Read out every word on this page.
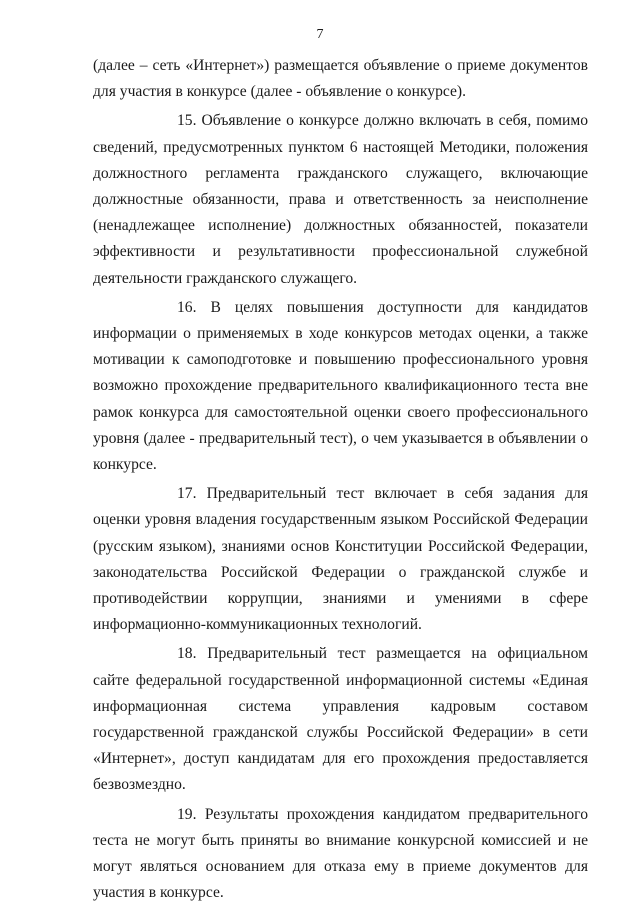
7

(далее – сеть «Интернет») размещается объявление о приеме документов для участия в конкурсе (далее - объявление о конкурсе).

15. Объявление о конкурсе должно включать в себя, помимо сведений, предусмотренных пунктом 6 настоящей Методики, положения должностного регламента гражданского служащего, включающие должностные обязанности, права и ответственность за неисполнение (ненадлежащее исполнение) должностных обязанностей, показатели эффективности и результативности профессиональной служебной деятельности гражданского служащего.

16. В целях повышения доступности для кандидатов информации о применяемых в ходе конкурсов методах оценки, а также мотивации к самоподготовке и повышению профессионального уровня возможно прохождение предварительного квалификационного теста вне рамок конкурса для самостоятельной оценки своего профессионального уровня (далее - предварительный тест), о чем указывается в объявлении о конкурсе.

17. Предварительный тест включает в себя задания для оценки уровня владения государственным языком Российской Федерации (русским языком), знаниями основ Конституции Российской Федерации, законодательства Российской Федерации о гражданской службе и противодействии коррупции, знаниями и умениями в сфере информационно-коммуникационных технологий.

18. Предварительный тест размещается на официальном сайте федеральной государственной информационной системы «Единая информационная система управления кадровым составом государственной гражданской службы Российской Федерации» в сети «Интернет», доступ кандидатам для его прохождения предоставляется безвозмездно.

19. Результаты прохождения кандидатом предварительного теста не могут быть приняты во внимание конкурсной комиссией и не могут являться основанием для отказа ему в приеме документов для участия в конкурсе.
